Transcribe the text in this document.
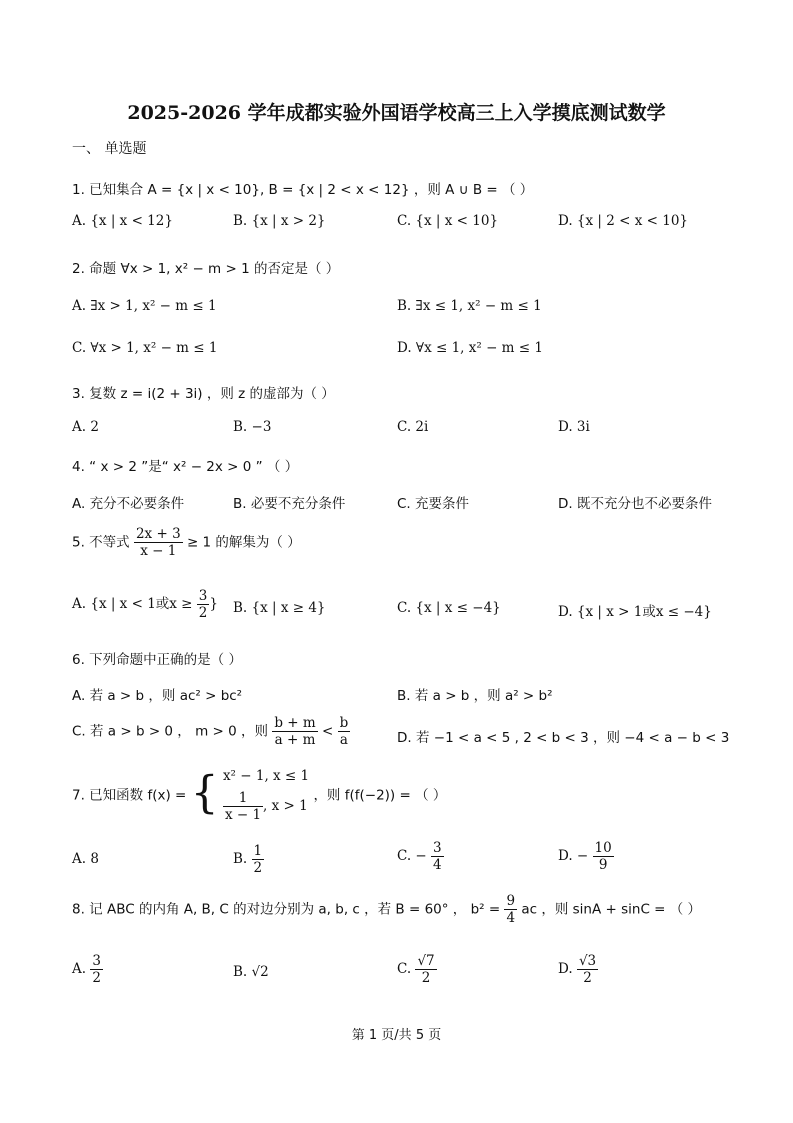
2025-2026 学年成都实验外国语学校高三上入学摸底测试数学
一、 单选题
1. 已知集合 A = {x | x < 10}, B = {x | 2 < x < 12} ，则 A ∪ B = （ ）
A. {x | x < 12}	B. {x | x > 2}	C. {x | x < 10}	D. {x | 2 < x < 10}
2. 命题 ∀x > 1, x² − m > 1 的否定是（ ）
A. ∃x > 1, x² − m ≤ 1	B. ∃x ≤ 1, x² − m ≤ 1
C. ∀x > 1, x² − m ≤ 1	D. ∀x ≤ 1, x² − m ≤ 1
3. 复数 z = i(2 + 3i) ，则 z 的虚部为（ ）
A. 2	B. −3	C. 2i	D. 3i
4. “ x > 2 ”是“ x² − 2x > 0 ” （ ）
A. 充分不必要条件	B. 必要不充分条件	C. 充要条件	D. 既不充分也不必要条件
5. 不等式 $\frac{2x + 3}{x - 1} \ge 1$ 的解集为（ ）
A. {x | x < 1或$x \ge \frac{3}{2}$ } B. {x | x ≥ 4}	C. {x | x ≤ −4}	D. {x | x > 1或x ≤ −4}
6. 下列命题中正确的是（ ）
A. 若 a > b ，则 ac² > bc²	B. 若 a > b ，则 a² > b²
C. 若 a > b > 0 ， m > 0 ，则 $\frac{b + m}{a + m} < \frac{b}{a}$	D. 若 −1 < a < 5 , 2 < b < 3 ，则 −4 < a − b < 3
7. 已知函数 f(x) = { x² − 1, x ≤ 1
$\frac{1}{x - 1}$ , x > 1
，则 f(f(−2)) = （ ）
A. 8	B. $\frac{1}{2}$	C. − $\frac{3}{4}$	D. − $\frac{10}{9}$
8. 记 ABC 的内角 A, B, C 的对边分别为 a, b, c ，若 B = 60° ， $b^2 = \frac{9}{4}$ ac ，则 sinA + sinC = （ ）
A. $\frac{3}{2}$	B. √2	C. $\frac{√7}{2}$	D. $\frac{√3}{2}$
第 1 页/共 5 页
